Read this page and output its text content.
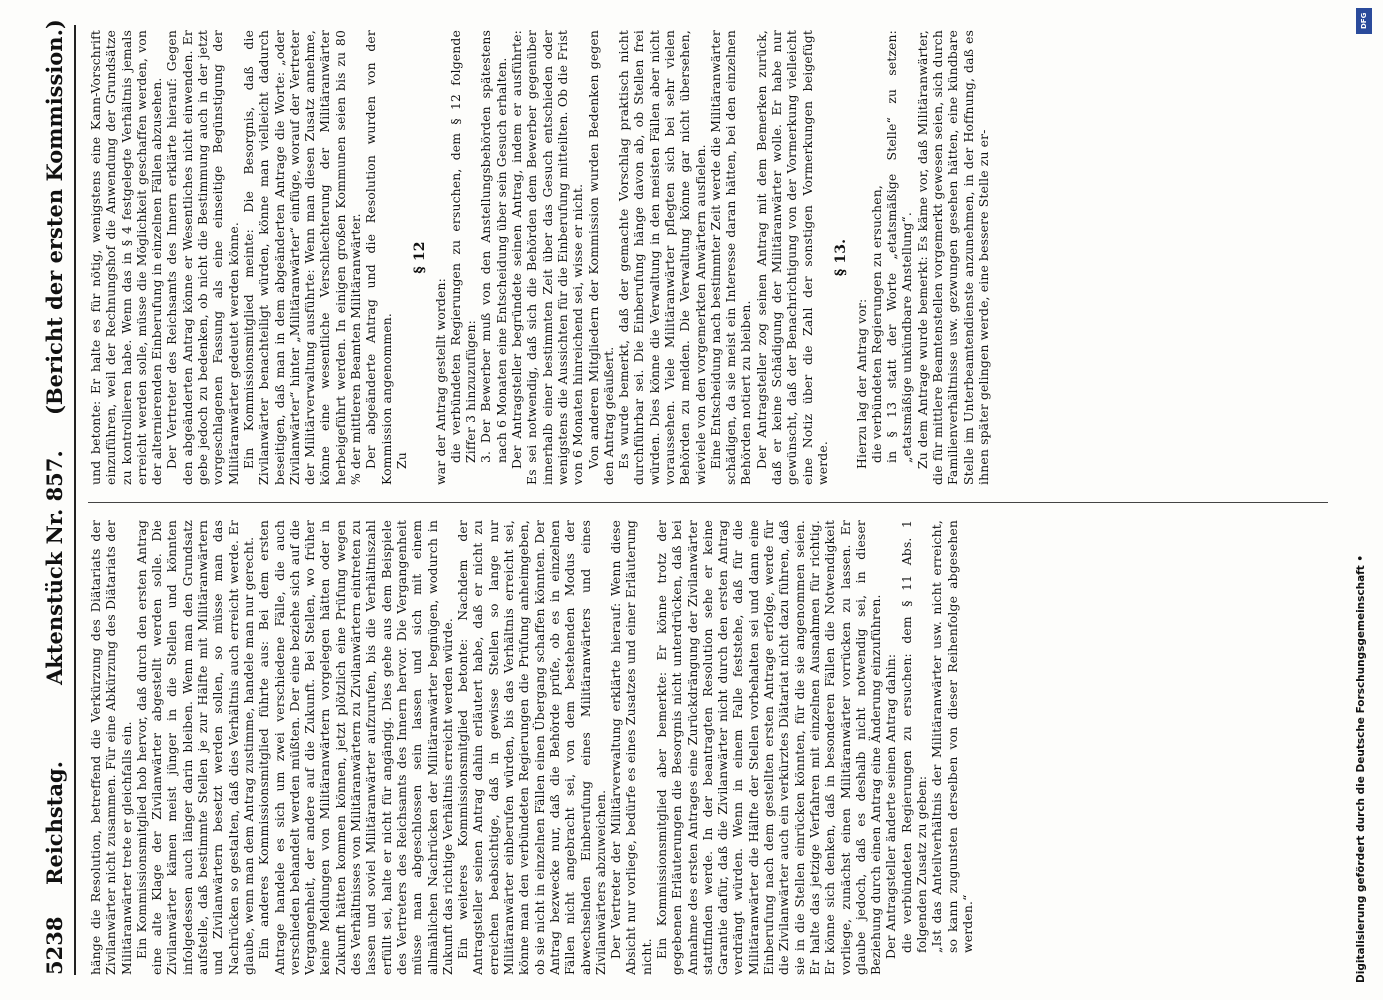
5238
Reichstag.
Aktenstück Nr. 857.
(Bericht der ersten Kommission.)

hänge die Resolution, betreffend die Verkürzung des Diätariats der Zivilanwärter nicht zusammen. Für eine Abkürzung des Diätariats der Militäranwärter trete er gleichfalls ein. Ein Kommissionsmitglied hob hervor, daß durch den ersten Antrag eine alte Klage der Zivilanwärter abgestellt werden solle. Die Zivilanwärter kämen meist jünger in die Stellen und könnten infolgedessen auch länger darin bleiben. Wenn man den Grundsatz aufstelle, daß bestimmte Stellen je zur Hälfte mit Militäranwärtern und Zivilanwärtern besetzt werden sollen, so müsse man das Nachrücken so gestalten, daß dies Verhältnis auch erreicht werde. Er glaube, wenn man dem Antrag zustimme, handele man nur gerecht. Ein anderes Kommissionsmitglied führte aus: Bei dem ersten Antrage handele es sich um zwei verschiedene Fälle, die auch verschieden behandelt werden müßten. Der eine beziehe sich auf die Vergangenheit, der andere auf die Zukunft. Bei Stellen, wo früher keine Meldungen von Militäranwärtern vorgelegen hätten oder in Zukunft hätten kommen können, jetzt plötzlich eine Prüfung wegen des Verhältnisses von Militäranwärtern zu Zivilanwärtern eintreten zu lassen und soviel Militäranwärter aufzurufen, bis die Verhältniszahl erfüllt sei, halte er nicht für angängig. Dies gehe aus dem Beispiele des Vertreters des Reichsamts des Innern hervor. Die Vergangenheit müsse man abgeschlossen sein lassen und sich mit einem allmählichen Nachrücken der Militäranwärter begnügen, wodurch in Zukunft das richtige Verhältnis erreicht werden würde. Ein weiteres Kommissionsmitglied betonte: Nachdem der Antragsteller seinen Antrag dahin erläutert habe, daß er nicht zu erreichen beabsichtige, daß in gewisse Stellen so lange nur Militäranwärter einberufen würden, bis das Verhältnis erreicht sei, könne man den verbündeten Regierungen die Prüfung anheimgeben, ob sie nicht in einzelnen Fällen einen Übergang schaffen könnten. Der Antrag bezwecke nur, daß die Behörde prüfe, ob es in einzelnen Fällen nicht angebracht sei, von dem bestehenden Modus der abwechselnden Einberufung eines Militäranwärters und eines Zivilanwärters abzuweichen. Der Vertreter der Militärverwaltung erklärte hierauf: Wenn diese Absicht nur vorliege, bedürfe es eines Zusatzes und einer Erläuterung nicht. Ein Kommissionsmitglied aber bemerkte: Er könne trotz der gegebenen Erläuterungen die Besorgnis nicht unterdrücken, daß bei Annahme des ersten Antrages eine Zurückdrängung der Zivilanwärter stattfinden werde. In der beantragten Resolution sehe er keine Garantie dafür, daß die Zivilanwärter nicht durch den ersten Antrag verdrängt würden. Wenn in einem Falle feststehe, daß für die Militäranwärter die Hälfte der Stellen vorbehalten sei und dann eine Einberufung nach dem gestellten ersten Antrage erfolge, werde für die Zivilanwärter auch ein verkürztes Diätariat nicht dazu führen, daß sie in die Stellen einrücken könnten, für die sie angenommen seien. Er halte das jetzige Verfahren mit einzelnen Ausnahmen für richtig. Er könne sich denken, daß in besonderen Fällen die Notwendigkeit vorliege, zunächst einen Militäranwärter vorrücken zu lassen. Er glaube jedoch, daß es deshalb nicht notwendig sei, in dieser Beziehung durch einen Antrag eine Änderung einzuführen. Der Antragsteller änderte seinen Antrag dahin: die verbündeten Regierungen zu ersuchen: dem § 11 Abs. 1 folgenden Zusatz zu geben: „Ist das Anteilverhältnis der Militäranwärter usw. nicht erreicht, so kann zugunsten derselben von dieser Reihenfolge abgesehen werden.“

und betonte: Er halte es für nötig, wenigstens eine Kann-Vorschrift einzuführen, weil der Rechnungshof die Anwendung der Grundsätze zu kontrollieren habe. Wenn das in § 4 festgelegte Verhältnis jemals erreicht werden solle, müsse die Möglichkeit geschaffen werden, von der alternierenden Einberufung in einzelnen Fällen abzusehen. Der Vertreter des Reichsamts des Innern erklärte hierauf: Gegen den abgeänderten Antrag könne er Wesentliches nicht einwenden. Er gebe jedoch zu bedenken, ob nicht die Bestimmung auch in der jetzt vorgeschlagenen Fassung als eine einseitige Begünstigung der Militäranwärter gedeutet werden könne. Ein Kommissionsmitglied meinte: Die Besorgnis, daß die Zivilanwärter benachteiligt würden, könne man vielleicht dadurch beseitigen, daß man in dem abgeänderten Antrage die Worte: „oder Zivilanwärter“ hinter „Militäranwärter“ einfüge, worauf der Vertreter der Militärverwaltung ausführte: Wenn man diesen Zusatz annehme, könne eine wesentliche Verschlechterung der Militäranwärter herbeigeführt werden. In einigen großen Kommunen seien bis zu 80 % der mittleren Beamten Militäranwärter. Der abgeänderte Antrag und die Resolution wurden von der Kommission angenommen. Zu

§ 12

war der Antrag gestellt worden: die verbündeten Regierungen zu ersuchen, dem § 12 folgende Ziffer 3 hinzuzufügen: 3. Der Bewerber muß von den Anstellungsbehörden spätestens nach 6 Monaten eine Entscheidung über sein Gesuch erhalten. Der Antragsteller begründete seinen Antrag, indem er ausführte: Es sei notwendig, daß sich die Behörden dem Bewerber gegenüber innerhalb einer bestimmten Zeit über das Gesuch entschieden oder wenigstens die Aussichten für die Einberufung mitteilten. Ob die Frist von 6 Monaten hinreichend sei, wisse er nicht. Von anderen Mitgliedern der Kommission wurden Bedenken gegen den Antrag geäußert. Es wurde bemerkt, daß der gemachte Vorschlag praktisch nicht durchführbar sei. Die Einberufung hänge davon ab, ob Stellen frei würden. Dies könne die Verwaltung in den meisten Fällen aber nicht voraussehen. Viele Militäranwärter pflegten sich bei sehr vielen Behörden zu melden. Die Verwaltung könne gar nicht übersehen, wieviele von den vorgemerkten Anwärtern ausfielen. Eine Entscheidung nach bestimmter Zeit werde die Militäranwärter schädigen, da sie meist ein Interesse daran hätten, bei den einzelnen Behörden notiert zu bleiben. Der Antragsteller zog seinen Antrag mit dem Bemerken zurück, daß er keine Schädigung der Militäranwärter wolle. Er habe nur gewünscht, daß der Benachrichtigung von der Vormerkung vielleicht eine Notiz über die Zahl der sonstigen Vormerkungen beigefügt werde.

§ 13.

Hierzu lag der Antrag vor: die verbündeten Regierungen zu ersuchen, in § 13 statt der Worte „etatsmäßige Stelle“ zu setzen: „etatsmäßige unkündbare Anstellung“. Zu dem Antrage wurde bemerkt: Es käme vor, daß Militäranwärter, die für mittlere Beamtenstellen vorgemerkt gewesen seien, sich durch Familienverhältnisse usw. gezwungen gesehen hätten, eine kündbare Stelle im Unterbeamtendienste anzunehmen, in der Hoffnung, daß es ihnen später gelingen werde, eine bessere Stelle zu er-

Digitalisierung gefördert durch die Deutsche Forschungsgemeinschaft •
DFG
